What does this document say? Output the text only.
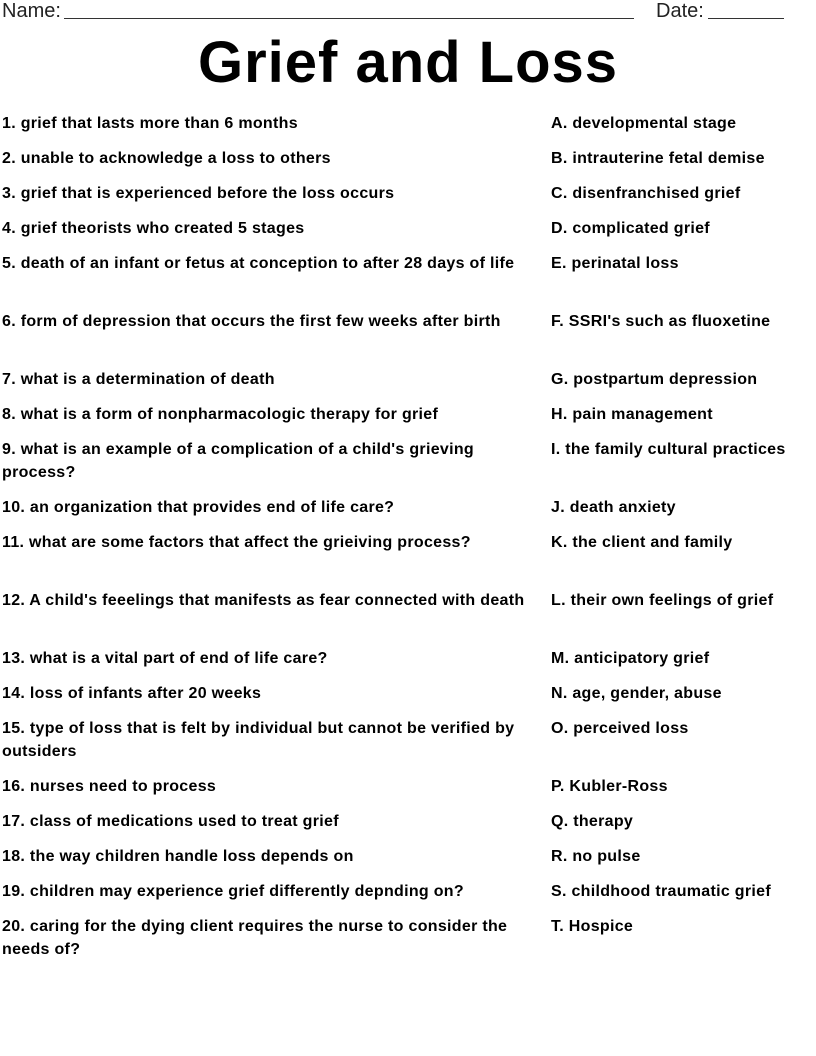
Name:	Date:
Grief and Loss
1. grief that lasts more than 6 months	A. developmental stage
2. unable to acknowledge a loss to others	B. intrauterine fetal demise
3. grief that is experienced before the loss occurs	C. disenfranchised grief
4. grief theorists who created 5 stages	D. complicated grief
5. death of an infant or fetus at conception to after 28 days of life	E. perinatal loss
6. form of depression that occurs the first few weeks after birth	F. SSRI's such as fluoxetine
7. what is a determination of death	G. postpartum depression
8. what is a form of nonpharmacologic therapy for grief	H. pain management
9. what is an example of a complication of a child's grieving process?
I. the family cultural practices
10. an organization that provides end of life care?	J. death anxiety
11. what are some factors that affect the grieiving process?	K. the client and family
12. A child's feeelings that manifests as fear connected with death	L. their own feelings of grief
13. what is a vital part of end of life care?	M. anticipatory grief
14. loss of infants after 20 weeks	N. age, gender, abuse
15. type of loss that is felt by individual but cannot be verified by outsiders
O. perceived loss
16. nurses need to process	P. Kubler-Ross
17. class of medications used to treat grief	Q. therapy
18. the way children handle loss depends on	R. no pulse
19. children may experience grief differently depnding on?	S. childhood traumatic grief
20. caring for the dying client requires the nurse to consider the needs of?
T. Hospice
